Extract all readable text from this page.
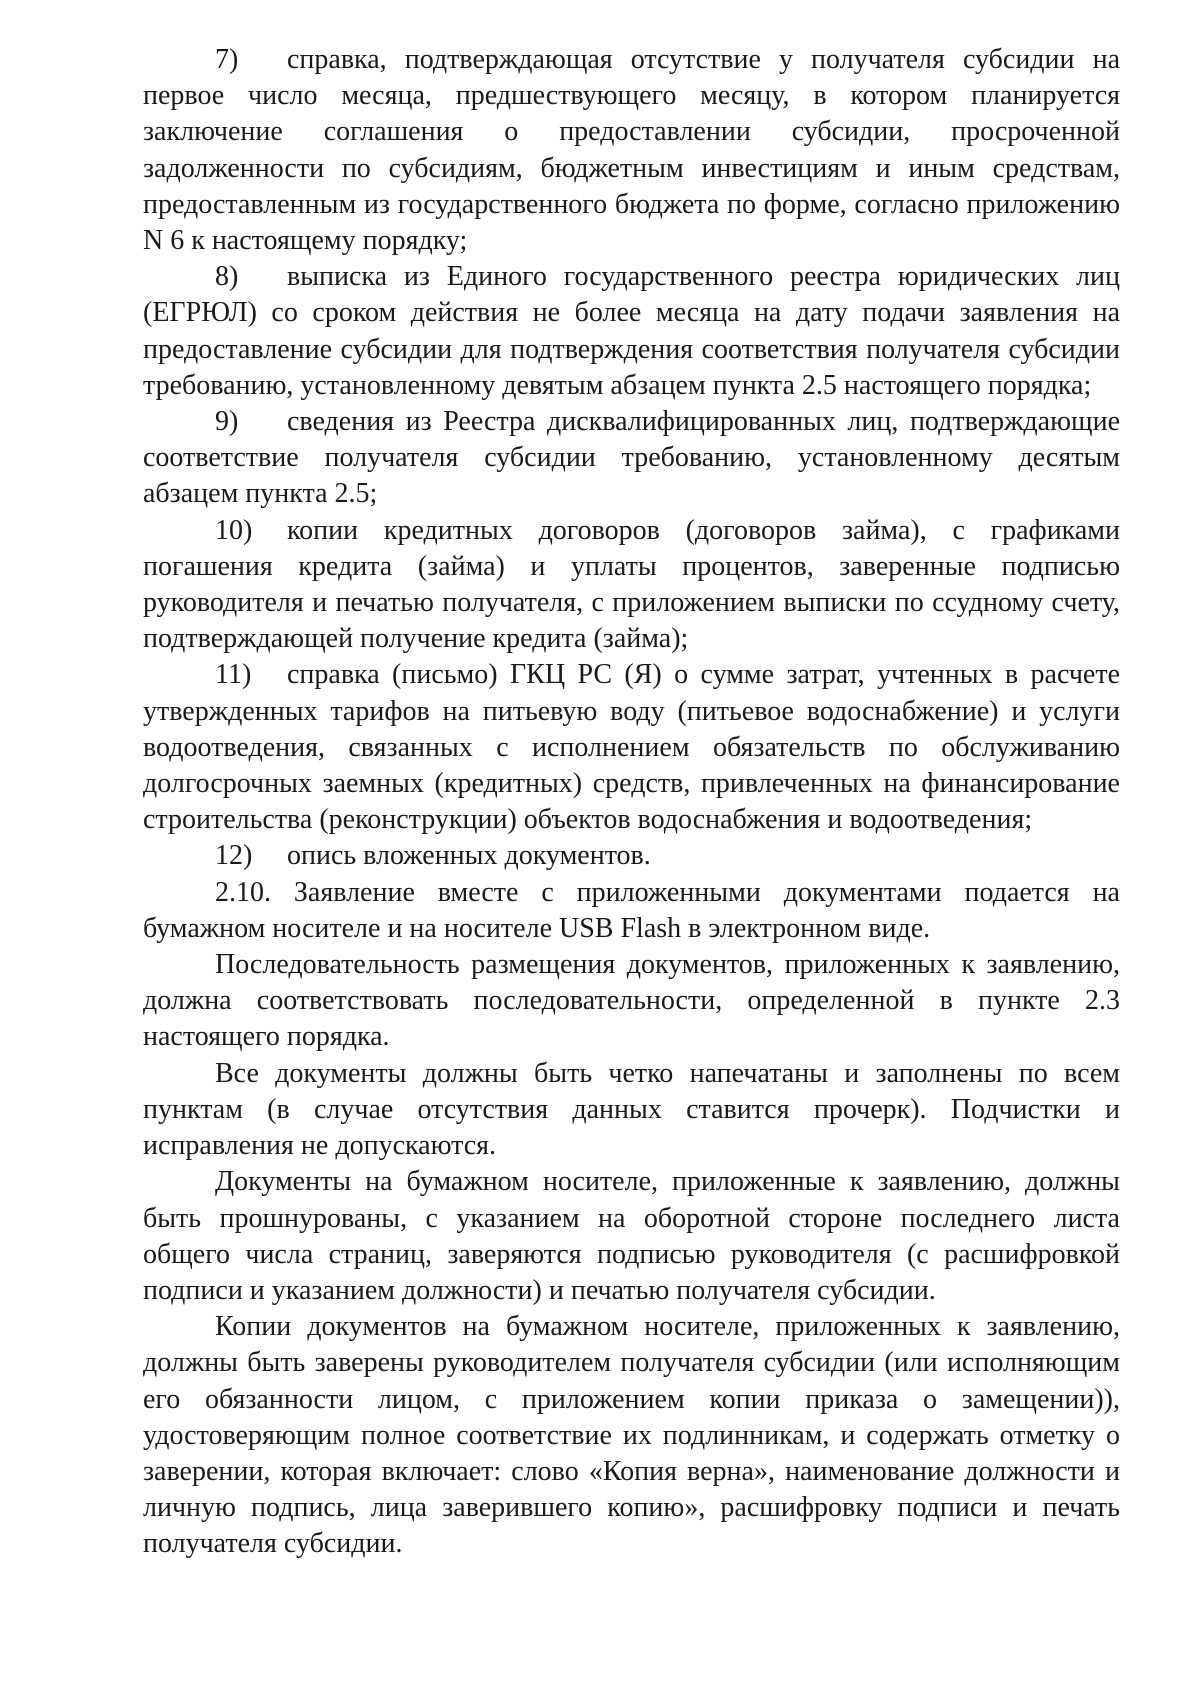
7) справка, подтверждающая отсутствие у получателя субсидии на первое число месяца, предшествующего месяцу, в котором планируется заключение соглашения о предоставлении субсидии, просроченной задолженности по субсидиям, бюджетным инвестициям и иным средствам, предоставленным из государственного бюджета по форме, согласно приложению N 6 к настоящему порядку;

8) выписка из Единого государственного реестра юридических лиц (ЕГРЮЛ) со сроком действия не более месяца на дату подачи заявления на предоставление субсидии для подтверждения соответствия получателя субсидии требованию, установленному девятым абзацем пункта 2.5 настоящего порядка;

9) сведения из Реестра дисквалифицированных лиц, подтверждающие соответствие получателя субсидии требованию, установленному десятым абзацем пункта 2.5;

10) копии кредитных договоров (договоров займа), с графиками погашения кредита (займа) и уплаты процентов, заверенные подписью руководителя и печатью получателя, с приложением выписки по ссудному счету, подтверждающей получение кредита (займа);

11) справка (письмо) ГКЦ РС (Я) о сумме затрат, учтенных в расчете утвержденных тарифов на питьевую воду (питьевое водоснабжение) и услуги водоотведения, связанных с исполнением обязательств по обслуживанию долгосрочных заемных (кредитных) средств, привлеченных на финансирование строительства (реконструкции) объектов водоснабжения и водоотведения;

12) опись вложенных документов.

2.10. Заявление вместе с приложенными документами подается на бумажном носителе и на носителе USB Flash в электронном виде.

Последовательность размещения документов, приложенных к заявлению, должна соответствовать последовательности, определенной в пункте 2.3 настоящего порядка.

Все документы должны быть четко напечатаны и заполнены по всем пунктам (в случае отсутствия данных ставится прочерк). Подчистки и исправления не допускаются.

Документы на бумажном носителе, приложенные к заявлению, должны быть прошнурованы, с указанием на оборотной стороне последнего листа общего числа страниц, заверяются подписью руководителя (с расшифровкой подписи и указанием должности) и печатью получателя субсидии.

Копии документов на бумажном носителе, приложенных к заявлению, должны быть заверены руководителем получателя субсидии (или исполняющим его обязанности лицом, с приложением копии приказа о замещении)), удостоверяющим полное соответствие их подлинникам, и содержать отметку о заверении, которая включает: слово «Копия верна», наименование должности и личную подпись, лица заверившего копию», расшифровку подписи и печать получателя субсидии.
